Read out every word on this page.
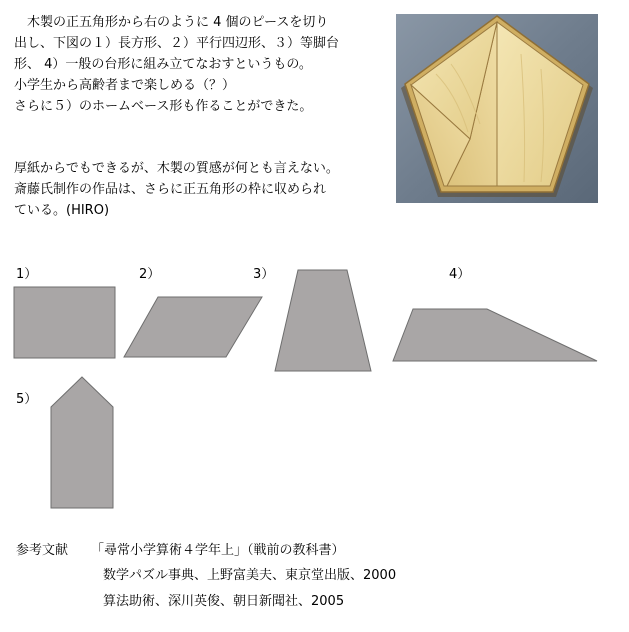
　木製の正五角形から右のように 4 個のピースを切り
出し、下図の１）長方形、２）平行四辺形、３）等脚台
形、 4）一般の台形に組み立てなおすというもの。
小学生から高齢者まで楽しめる（？）
さらに５）のホームベース形も作ることができた。
厚紙からでもできるが、木製の質感が何とも言えない。
斎藤氏制作の作品は、さらに正五角形の枠に収められ
ている。(HIRO)
1）	2）	3）	4）
5）
参考文献 「尋常小学算術４学年上」（戦前の教科書）
数学パズル事典、上野富美夫、東京堂出版、2000
算法助術、深川英俊、朝日新聞社、2005
